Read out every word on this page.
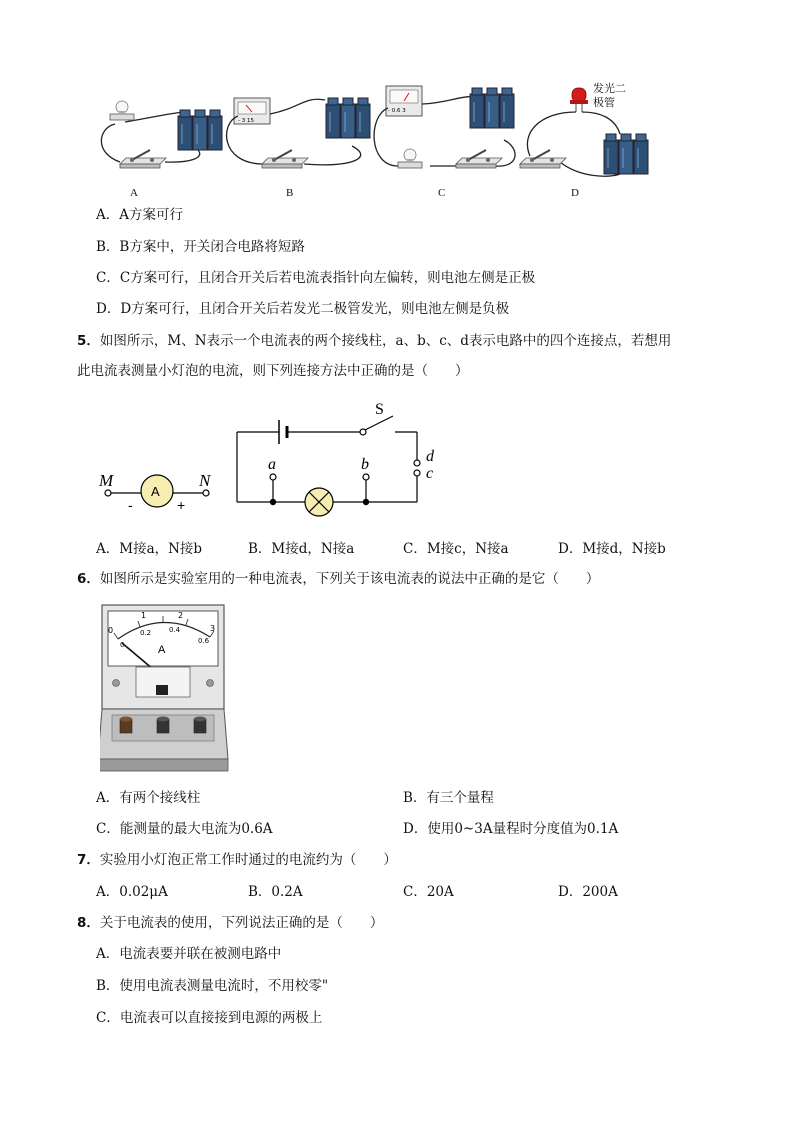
- 3 15
- 0.6 3
发光二
极管
A	B	C	D
A．A方案可行
B．B方案中，开关闭合电路将短路
C．C方案可行，且闭合开关后若电流表指针向左偏转，则电池左侧是正极
D．D方案可行，且闭合开关后若发光二极管发光，则电池左侧是负极
5．如图所示，M、N表示一个电流表的两个接线柱，a、b、c、d表示电路中的四个连接点，若想用
此电流表测量小灯泡的电流，则下列连接方法中正确的是（　　）
M
A
N
-	+
S
d
c
a	b
A．M接a，N接b	B．M接d，N接a	C．M接c，N接a	D．M接d，N接b
6．如图所示是实验室用的一种电流表，下列关于该电流表的说法中正确的是它（　　）
0
1	2
3
0
0.2	0.4
0.6
A
A．有两个接线柱	B．有三个量程
C．能测量的最大电流为0.6A	D．使用0~3A量程时分度值为0.1A
7．实验用小灯泡正常工作时通过的电流约为（　　）
A．0.02μA	B．0.2A	C．20A	D．200A
8．关于电流表的使用，下列说法正确的是（　　）
A．电流表要并联在被测电路中
B．使用电流表测量电流时，不用校零"
C．电流表可以直接接到电源的两极上
